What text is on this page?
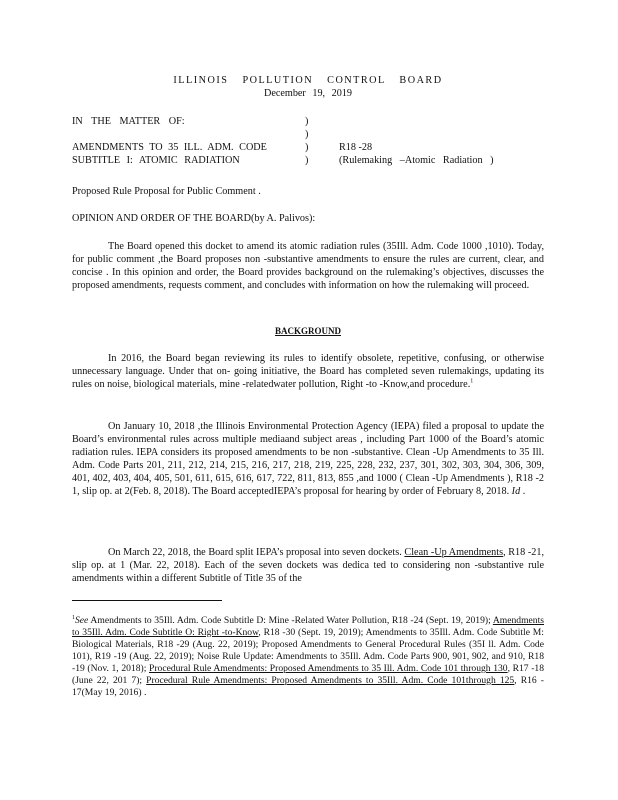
ILLINOIS POLLUTION CONTROL BOARD
December 19, 2019
IN THE MATTER OF:	)
)
AMENDMENTS TO 35 ILL. ADM. CODE	)	R18 -28
SUBTITLE I: ATOMIC RADIATION	)	(Rulemaking –Atomic Radiation )
Proposed Rule Proposal for Public Comment .
OPINION AND ORDER OF THE BOARD(by A. Palivos):

The Board opened this docket to amend its atomic radiation rules (35Ill. Adm. Code 1000 ,1010). Today, for public comment ,the Board proposes non -substantive amendments to ensure the rules are current, clear, and concise . In this opinion and order, the Board provides background on the rulemaking’s objectives, discusses the proposed amendments, requests comment, and concludes with information on how the rulemaking will proceed.

BACKGROUND

In 2016, the Board began reviewing its rules to identify obsolete, repetitive, confusing, or otherwise unnecessary language. Under that on- going initiative, the Board has completed seven rulemakings, updating its rules on noise, biological materials, mine -relatedwater pollution, Right -to -Know,and procedure.$^1$

On January 10, 2018 ,the Illinois Environmental Protection Agency (IEPA) filed a proposal to update the Board’s environmental rules across multiple mediaand subject areas , including Part 1000 of the Board’s atomic radiation rules. IEPA considers its proposed amendments to be non -substantive. Clean -Up Amendments to 35 Ill. Adm. Code Parts 201, 211, 212, 214, 215, 216, 217, 218, 219, 225, 228, 232, 237, 301, 302, 303, 304, 306, 309, 401, 402, 403, 404, 405, 501, 611, 615, 616, 617, 722, 811, 813, 855 ,and 1000 ( Clean -Up Amendments ), R18 -2 1, slip op. at 2(Feb. 8, 2018). The Board acceptedIEPA’s proposal for hearing by order of February 8, 2018. Id .

On March 22, 2018, the Board split IEPA’s proposal into seven dockets. Clean -Up Amendments, R18 -21, slip op. at 1 (Mar. 22, 2018). Each of the seven dockets was dedica ted to considering non -substantive rule amendments within a different Subtitle of Title 35 of the

$^1$See Amendments to 35Ill. Adm. Code Subtitle D: Mine -Related Water Pollution, R18 -24 (Sept. 19, 2019); Amendments to 35Ill. Adm. Code Subtitle O: Right -to-Know, R18 -30 (Sept. 19, 2019); Amendments to 35Ill. Adm. Code Subtitle M: Biological Materials, R18 -29 (Aug. 22, 2019); Proposed Amendments to General Procedural Rules (35I ll. Adm. Code 101), R19 -19 (Aug. 22, 2019); Noise Rule Update: Amendments to 35Ill. Adm. Code Parts 900, 901, 902, and 910, R18 -19 (Nov. 1, 2018); Procedural Rule Amendments: Proposed Amendments to 35 Ill. Adm. Code 101 through 130, R17 -18 (June 22, 201 7); Procedural Rule Amendments: Proposed Amendments to 35Ill. Adm. Code 101through 125, R16 - 17(May 19, 2016) .
